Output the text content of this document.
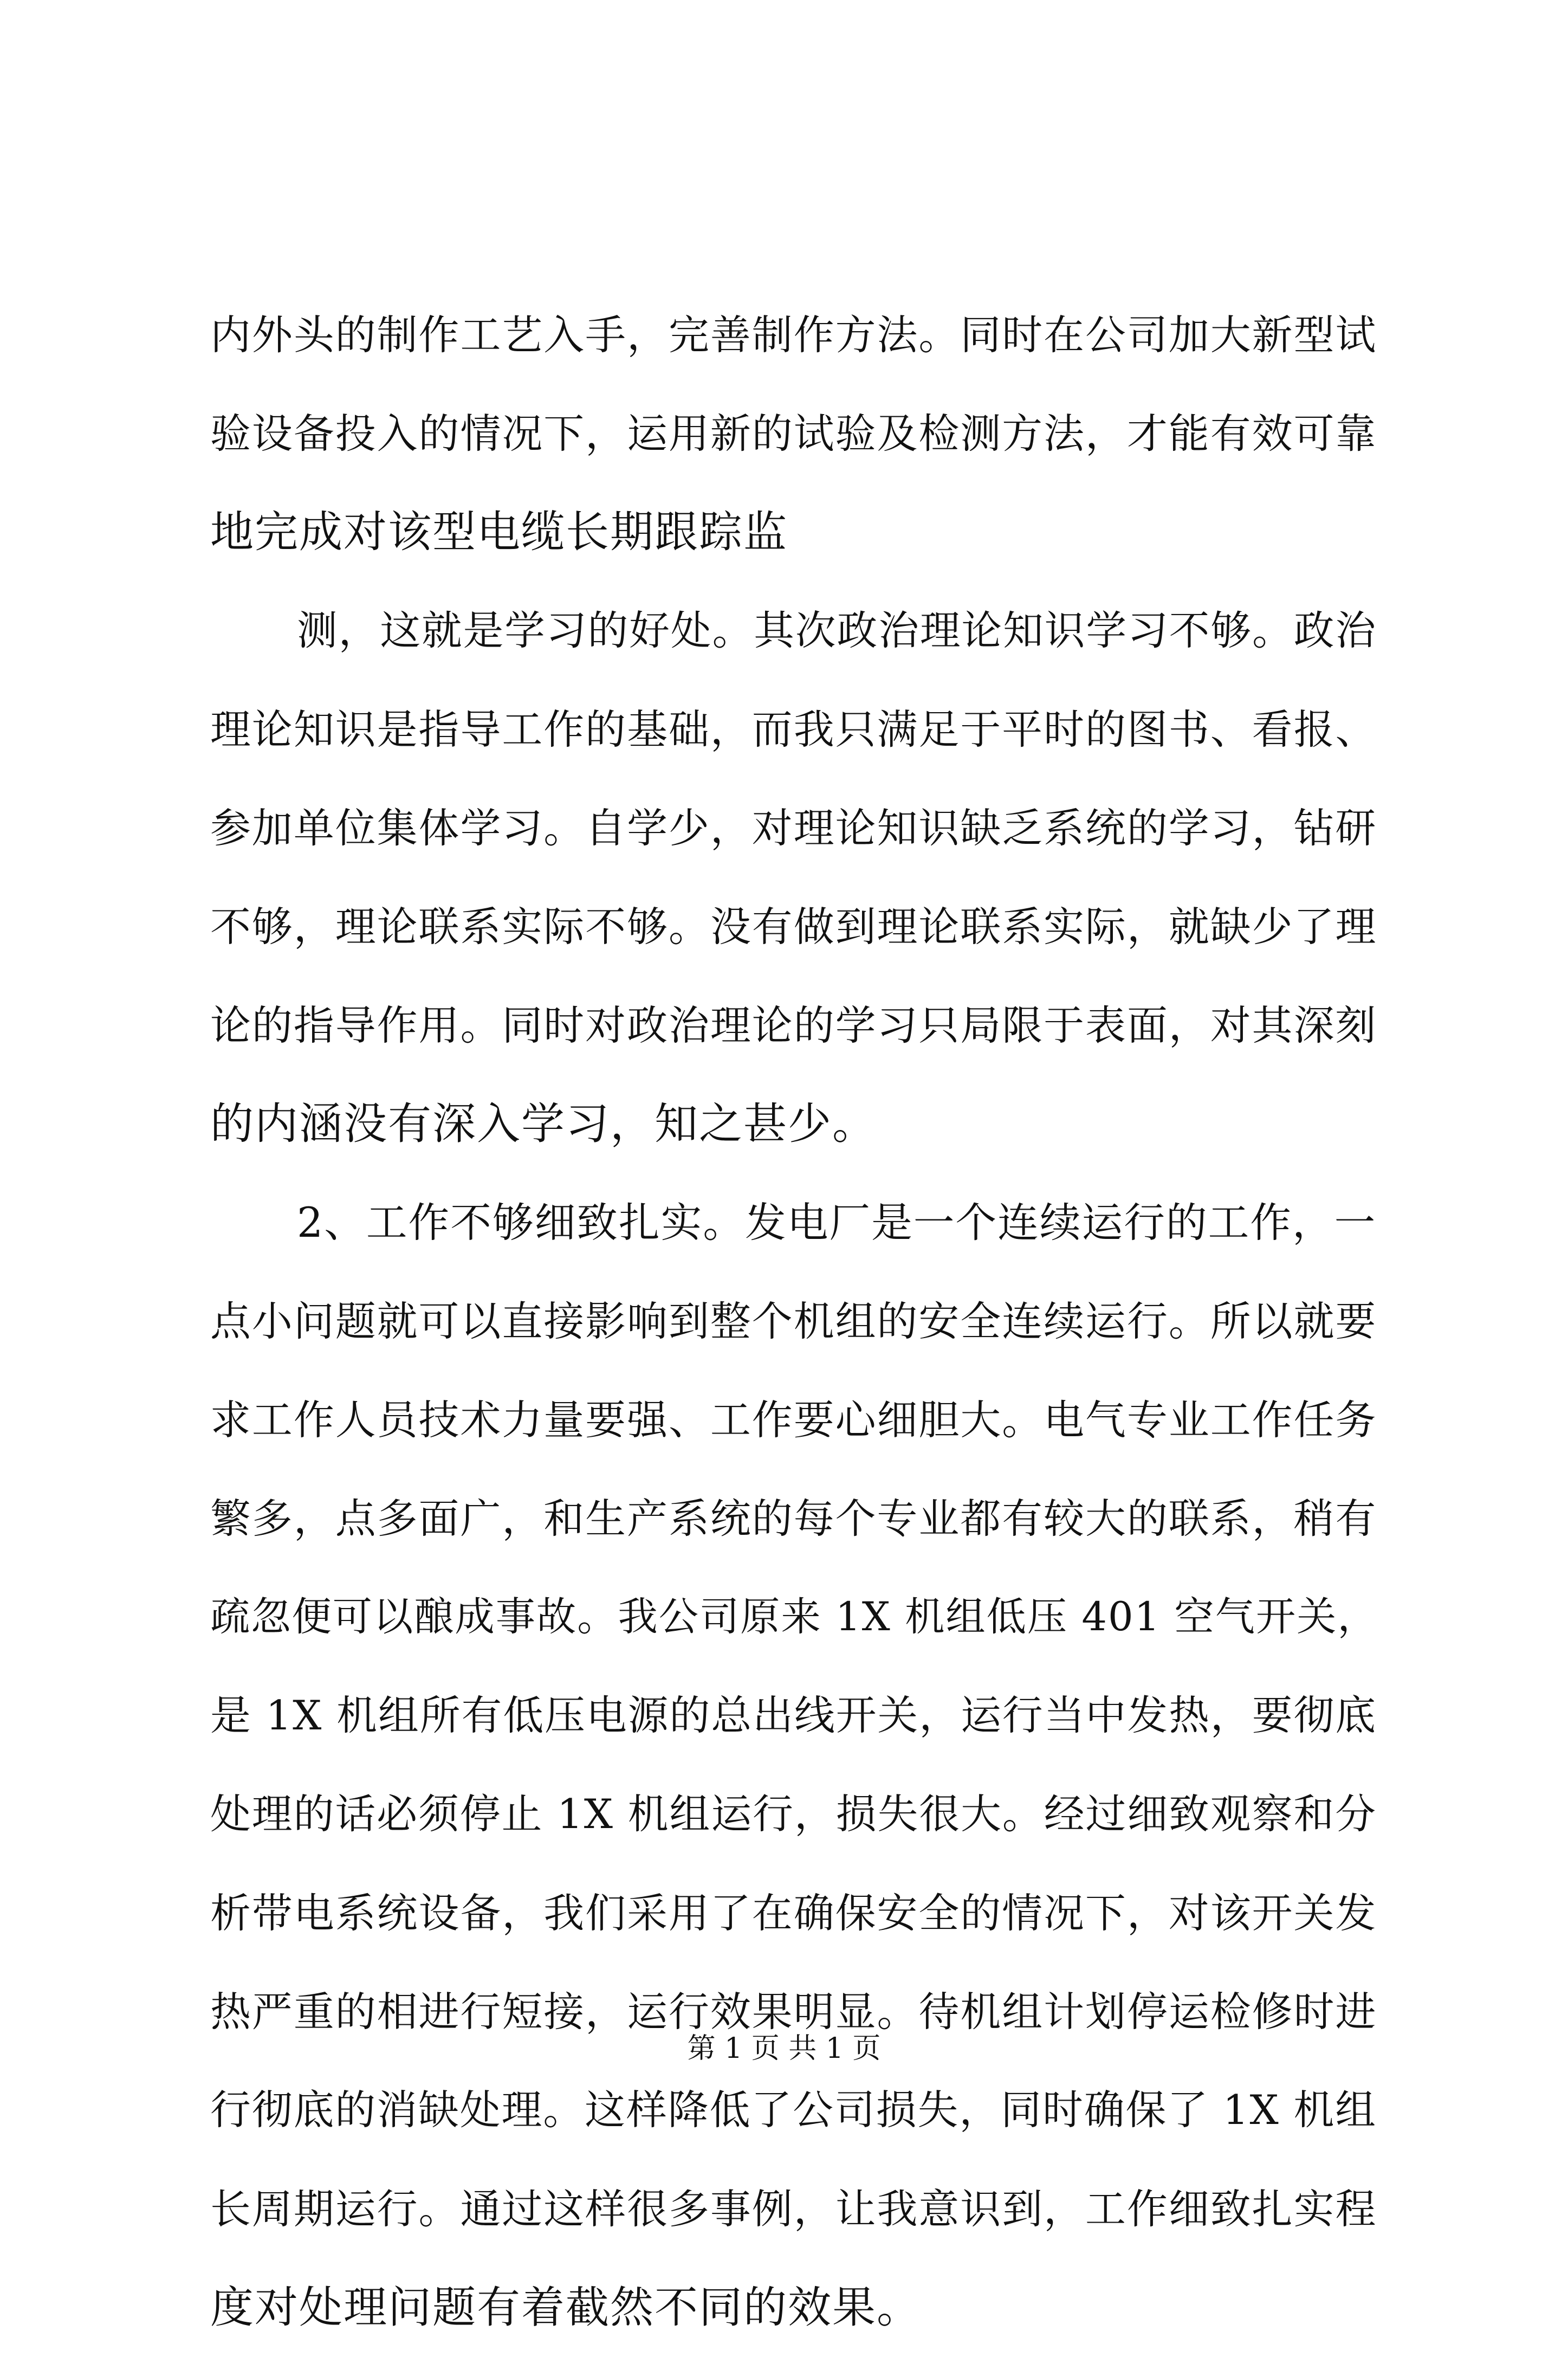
内外头的制作工艺入手，完善制作方法。同时在公司加大新型试
验设备投入的情况下，运用新的试验及检测方法，才能有效可靠
地完成对该型电缆长期跟踪监
测，这就是学习的好处。其次政治理论知识学习不够。政治
理论知识是指导工作的基础，而我只满足于平时的图书、看报、
参加单位集体学习。自学少，对理论知识缺乏系统的学习，钻研
不够，理论联系实际不够。没有做到理论联系实际，就缺少了理
论的指导作用。同时对政治理论的学习只局限于表面，对其深刻
的内涵没有深入学习，知之甚少。
2、工作不够细致扎实。发电厂是一个连续运行的工作，一
点小问题就可以直接影响到整个机组的安全连续运行。所以就要
求工作人员技术力量要强、工作要心细胆大。电气专业工作任务
繁多，点多面广，和生产系统的每个专业都有较大的联系，稍有
疏忽便可以酿成事故。我公司原来 1X 机组低压 401 空气开关，
是 1X 机组所有低压电源的总出线开关，运行当中发热，要彻底
处理的话必须停止 1X 机组运行，损失很大。经过细致观察和分
析带电系统设备，我们采用了在确保安全的情况下，对该开关发
热严重的相进行短接，运行效果明显。待机组计划停运检修时进
行彻底的消缺处理。这样降低了公司损失，同时确保了 1X 机组
长周期运行。通过这样很多事例，让我意识到，工作细致扎实程
度对处理问题有着截然不同的效果。
第 1 页 共 1 页
